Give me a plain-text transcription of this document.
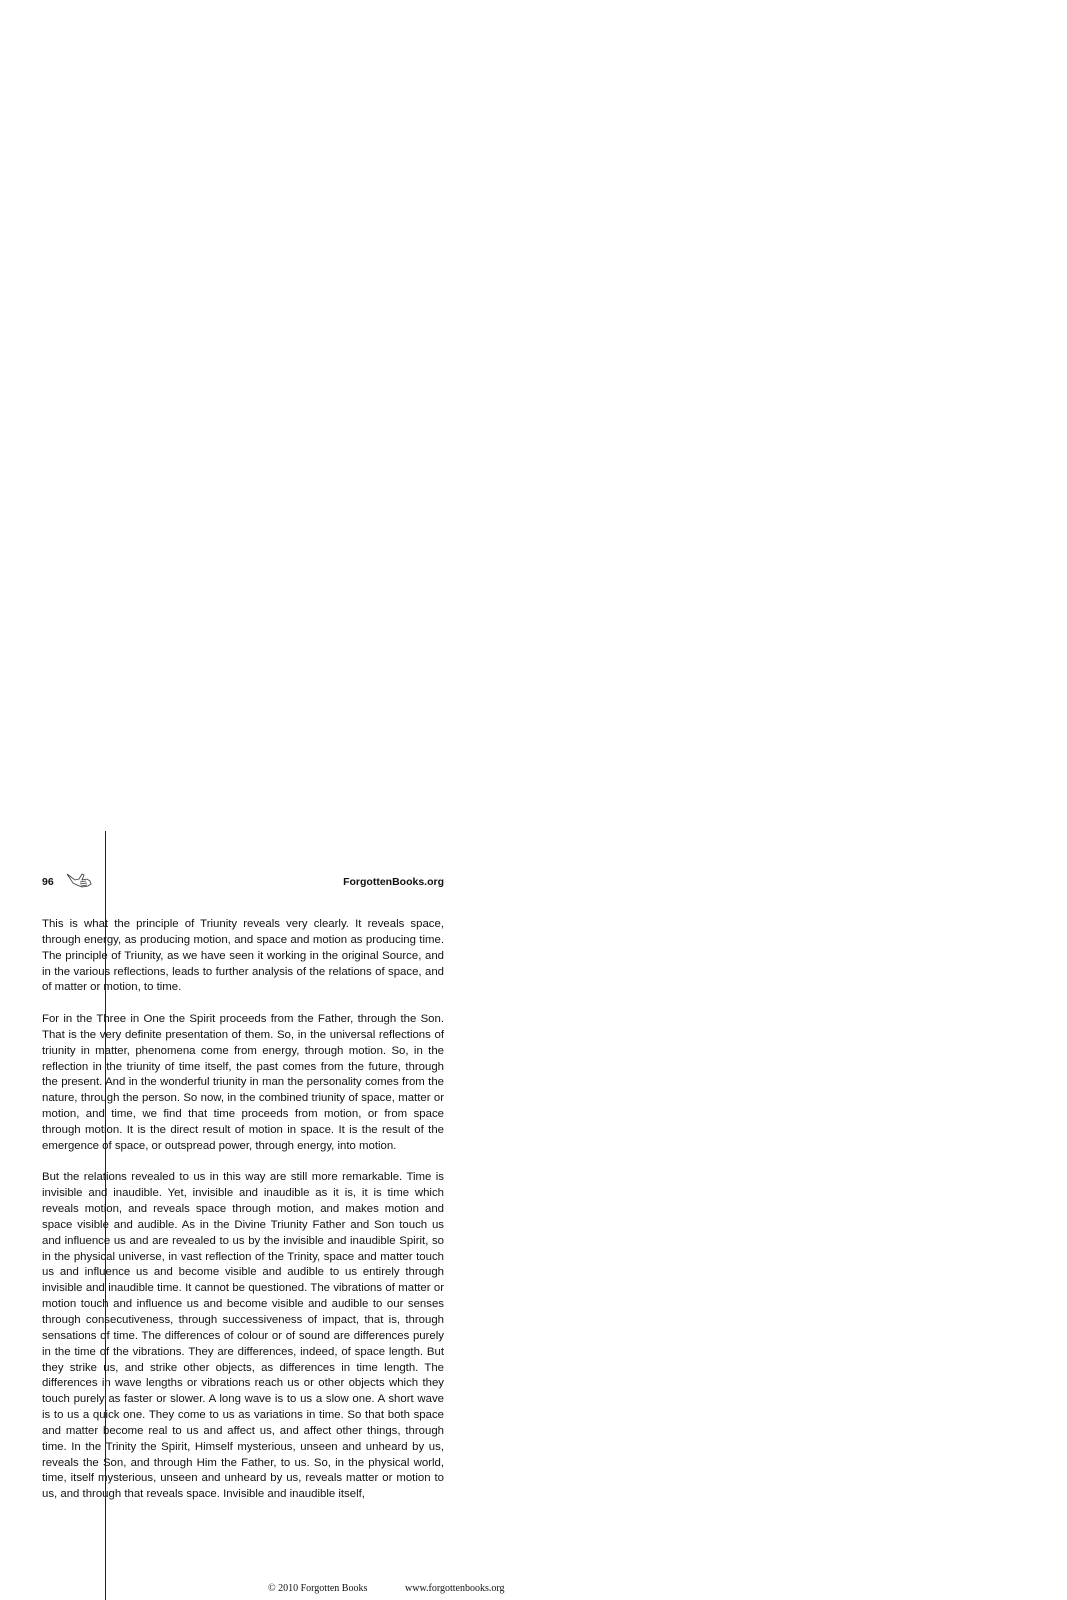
96	ForgottenBooks.org

This is what the principle of Triunity reveals very clearly. It reveals space, through energy, as producing motion, and space and motion as producing time. The principle of Triunity, as we have seen it working in the original Source, and in the various reflections, leads to further analysis of the relations of space, and of matter or motion, to time.

For in the Three in One the Spirit proceeds from the Father, through the Son. That is the very definite presentation of them. So, in the universal reflections of triunity in matter, phenomena come from energy, through motion. So, in the reflection in the triunity of time itself, the past comes from the future, through the present. And in the wonderful triunity in man the personality comes from the nature, through the person. So now, in the combined triunity of space, matter or motion, and time, we find that time proceeds from motion, or from space through motion. It is the direct result of motion in space. It is the result of the emergence of space, or outspread power, through energy, into motion.

But the relations revealed to us in this way are still more remarkable. Time is invisible and inaudible. Yet, invisible and inaudible as it is, it is time which reveals motion, and reveals space through motion, and makes motion and space visible and audible. As in the Divine Triunity Father and Son touch us and influence us and are revealed to us by the invisible and inaudible Spirit, so in the physical universe, in vast reflection of the Trinity, space and matter touch us and influence us and become visible and audible to us entirely through invisible and inaudible time. It cannot be questioned. The vibrations of matter or motion touch and influence us and become visible and audible to our senses through consecutiveness, through successiveness of impact, that is, through sensations of time. The differences of colour or of sound are differences purely in the time of the vibrations. They are differences, indeed, of space length. But they strike us, and strike other objects, as differences in time length. The differences in wave lengths or vibrations reach us or other objects which they touch purely as faster or slower. A long wave is to us a slow one. A short wave is to us a quick one. They come to us as variations in time. So that both space and matter become real to us and affect us, and affect other things, through time. In the Trinity the Spirit, Himself mysterious, unseen and unheard by us, reveals the Son, and through Him the Father, to us. So, in the physical world, time, itself mysterious, unseen and unheard by us, reveals matter or motion to us, and through that reveals space. Invisible and inaudible itself,

© 2010 Forgotten Books	www.forgottenbooks.org
